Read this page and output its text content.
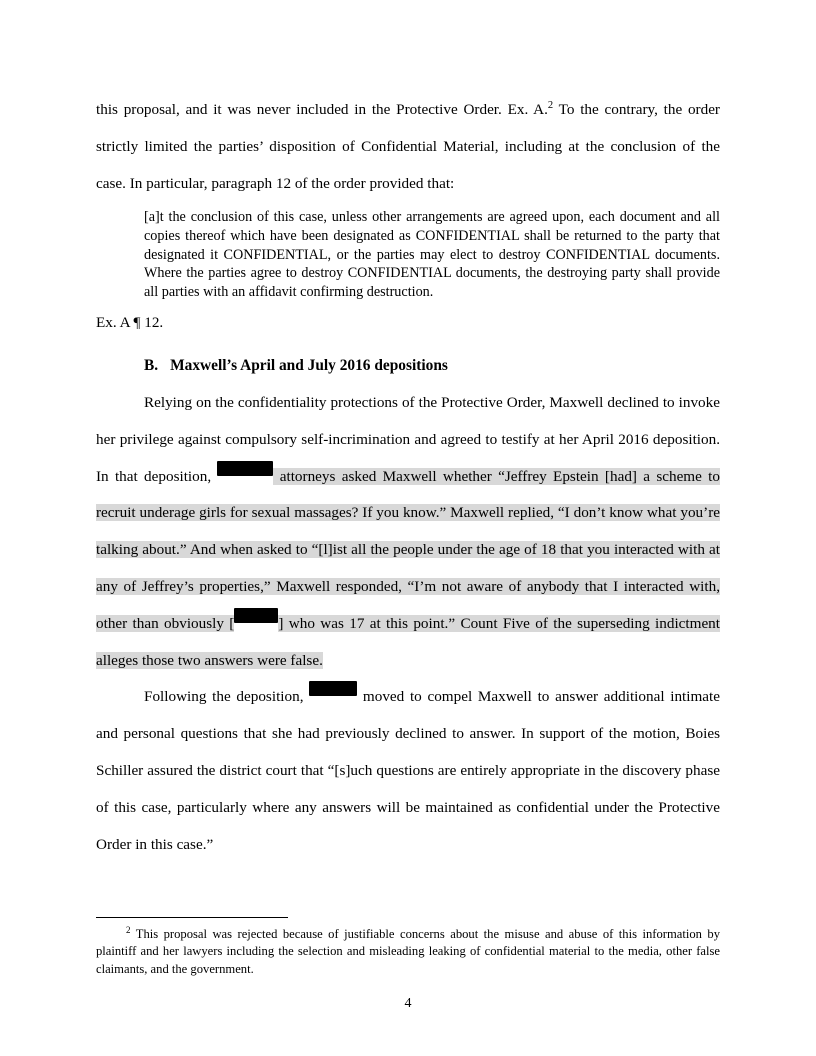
this proposal, and it was never included in the Protective Order. Ex. A.$^2$ To the contrary, the order strictly limited the parties’ disposition of Confidential Material, including at the conclusion of the case. In particular, paragraph 12 of the order provided that:

[a]t the conclusion of this case, unless other arrangements are agreed upon, each document and all copies thereof which have been designated as CONFIDENTIAL shall be returned to the party that designated it CONFIDENTIAL, or the parties may elect to destroy CONFIDENTIAL documents. Where the parties agree to destroy CONFIDENTIAL documents, the destroying party shall provide all parties with an affidavit confirming destruction.
Ex. A ¶ 12.
B. Maxwell’s April and July 2016 depositions

Relying on the confidentiality protections of the Protective Order, Maxwell declined to invoke her privilege against compulsory self-incrimination and agreed to testify at her April 2016 deposition. In that deposition,	attorneys asked Maxwell whether “Jeffrey Epstein [had] a scheme to recruit underage girls for sexual massages? If you know.” Maxwell replied, “I don’t know what you’re talking about.” And when asked to “[l]ist all the people under the age of 18 that you interacted with at any of Jeffrey’s properties,” Maxwell responded, “I’m not aware of anybody that I interacted with, other than obviously [	] who was 17 at this point.” Count Five of the superseding indictment alleges those two answers were false.

Following the deposition,	moved to compel Maxwell to answer additional intimate and personal questions that she had previously declined to answer. In support of the motion, Boies Schiller assured the district court that “[s]uch questions are entirely appropriate in the discovery phase of this case, particularly where any answers will be maintained as confidential under the Protective Order in this case.”

$^2$ This proposal was rejected because of justifiable concerns about the misuse and abuse of this information by plaintiff and her lawyers including the selection and misleading leaking of confidential material to the media, other false claimants, and the government.
4
